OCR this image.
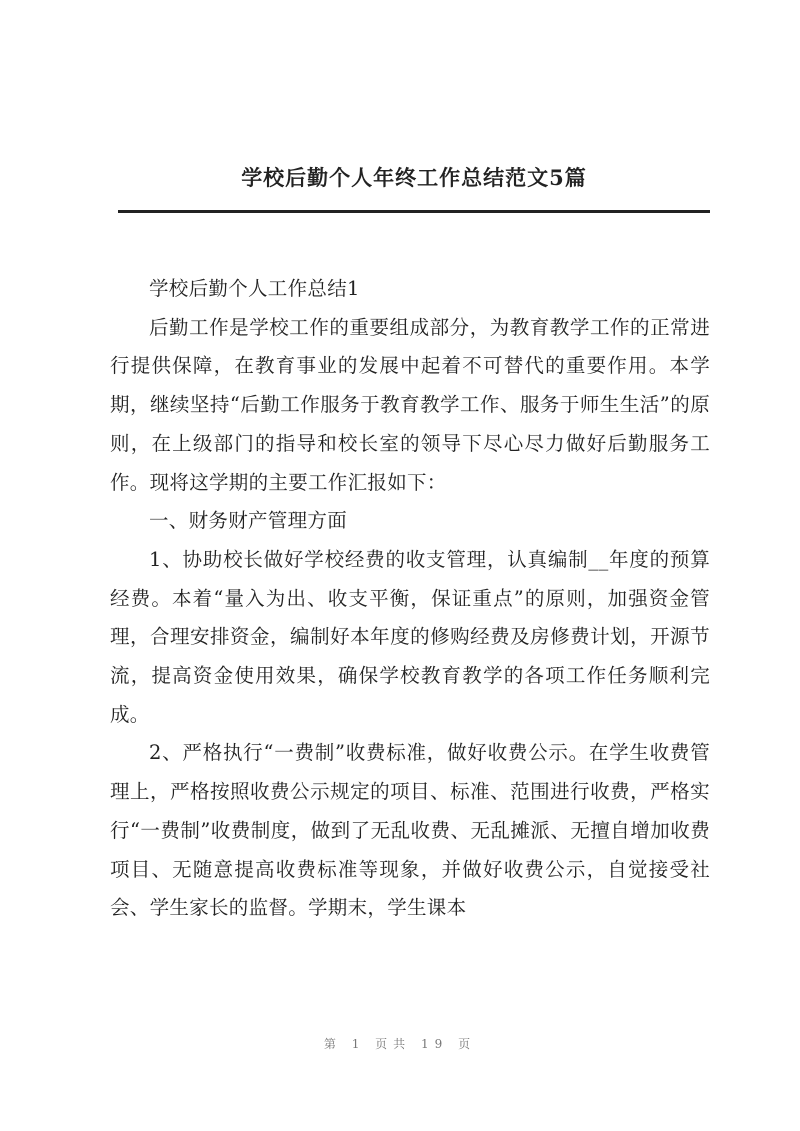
学校后勤个人年终工作总结范文5篇

学校后勤个人工作总结1

后勤工作是学校工作的重要组成部分，为教育教学工作的正常进行提供保障，在教育事业的发展中起着不可替代的重要作用。本学期，继续坚持“后勤工作服务于教育教学工作、服务于师生生活”的原则，在上级部门的指导和校长室的领导下尽心尽力做好后勤服务工作。现将这学期的主要工作汇报如下：

一、财务财产管理方面

1、协助校长做好学校经费的收支管理，认真编制__年度的预算经费。本着“量入为出、收支平衡，保证重点”的原则，加强资金管理，合理安排资金，编制好本年度的修购经费及房修费计划，开源节流，提高资金使用效果，确保学校教育教学的各项工作任务顺利完成。

2、严格执行“一费制”收费标准，做好收费公示。在学生收费管理上，严格按照收费公示规定的项目、标准、范围进行收费，严格实行“一费制”收费制度，做到了无乱收费、无乱摊派、无擅自增加收费项目、无随意提高收费标准等现象，并做好收费公示，自觉接受社会、学生家长的监督。学期末，学生课本

第 1 页共 19 页
